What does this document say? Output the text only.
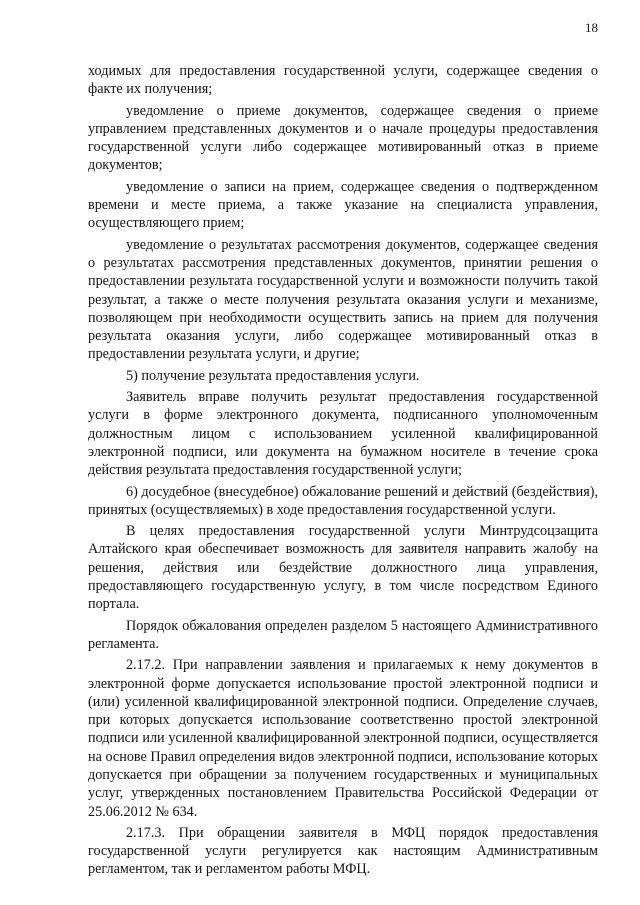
18

ходимых для предоставления государственной услуги, содержащее сведения о факте их получения;

уведомление о приеме документов, содержащее сведения о приеме управлением представленных документов и о начале процедуры предоставления государственной услуги либо содержащее мотивированный отказ в приеме документов;

уведомление о записи на прием, содержащее сведения о подтвержденном времени и месте приема, а также указание на специалиста управления, осуществляющего прием;

уведомление о результатах рассмотрения документов, содержащее сведения о результатах рассмотрения представленных документов, принятии решения о предоставлении результата государственной услуги и возможности получить такой результат, а также о месте получения результата оказания услуги и механизме, позволяющем при необходимости осуществить запись на прием для получения результата оказания услуги, либо содержащее мотивированный отказ в предоставлении результата услуги, и другие;

5) получение результата предоставления услуги.

Заявитель вправе получить результат предоставления государственной услуги в форме электронного документа, подписанного уполномоченным должностным лицом с использованием усиленной квалифицированной электронной подписи, или документа на бумажном носителе в течение срока действия результата предоставления государственной услуги;

6) досудебное (внесудебное) обжалование решений и действий (бездействия), принятых (осуществляемых) в ходе предоставления государственной услуги.

В целях предоставления государственной услуги Минтрудсоцзащита Алтайского края обеспечивает возможность для заявителя направить жалобу на решения, действия или бездействие должностного лица управления, предоставляющего государственную услугу, в том числе посредством Единого портала.

Порядок обжалования определен разделом 5 настоящего Административного регламента.

2.17.2. При направлении заявления и прилагаемых к нему документов в электронной форме допускается использование простой электронной подписи и (или) усиленной квалифицированной электронной подписи. Определение случаев, при которых допускается использование соответственно простой электронной подписи или усиленной квалифицированной электронной подписи, осуществляется на основе Правил определения видов электронной подписи, использование которых допускается при обращении за получением государственных и муниципальных услуг, утвержденных постановлением Правительства Российской Федерации от 25.06.2012 № 634.

2.17.3. При обращении заявителя в МФЦ порядок предоставления государственной услуги регулируется как настоящим Административным регламентом, так и регламентом работы МФЦ.
